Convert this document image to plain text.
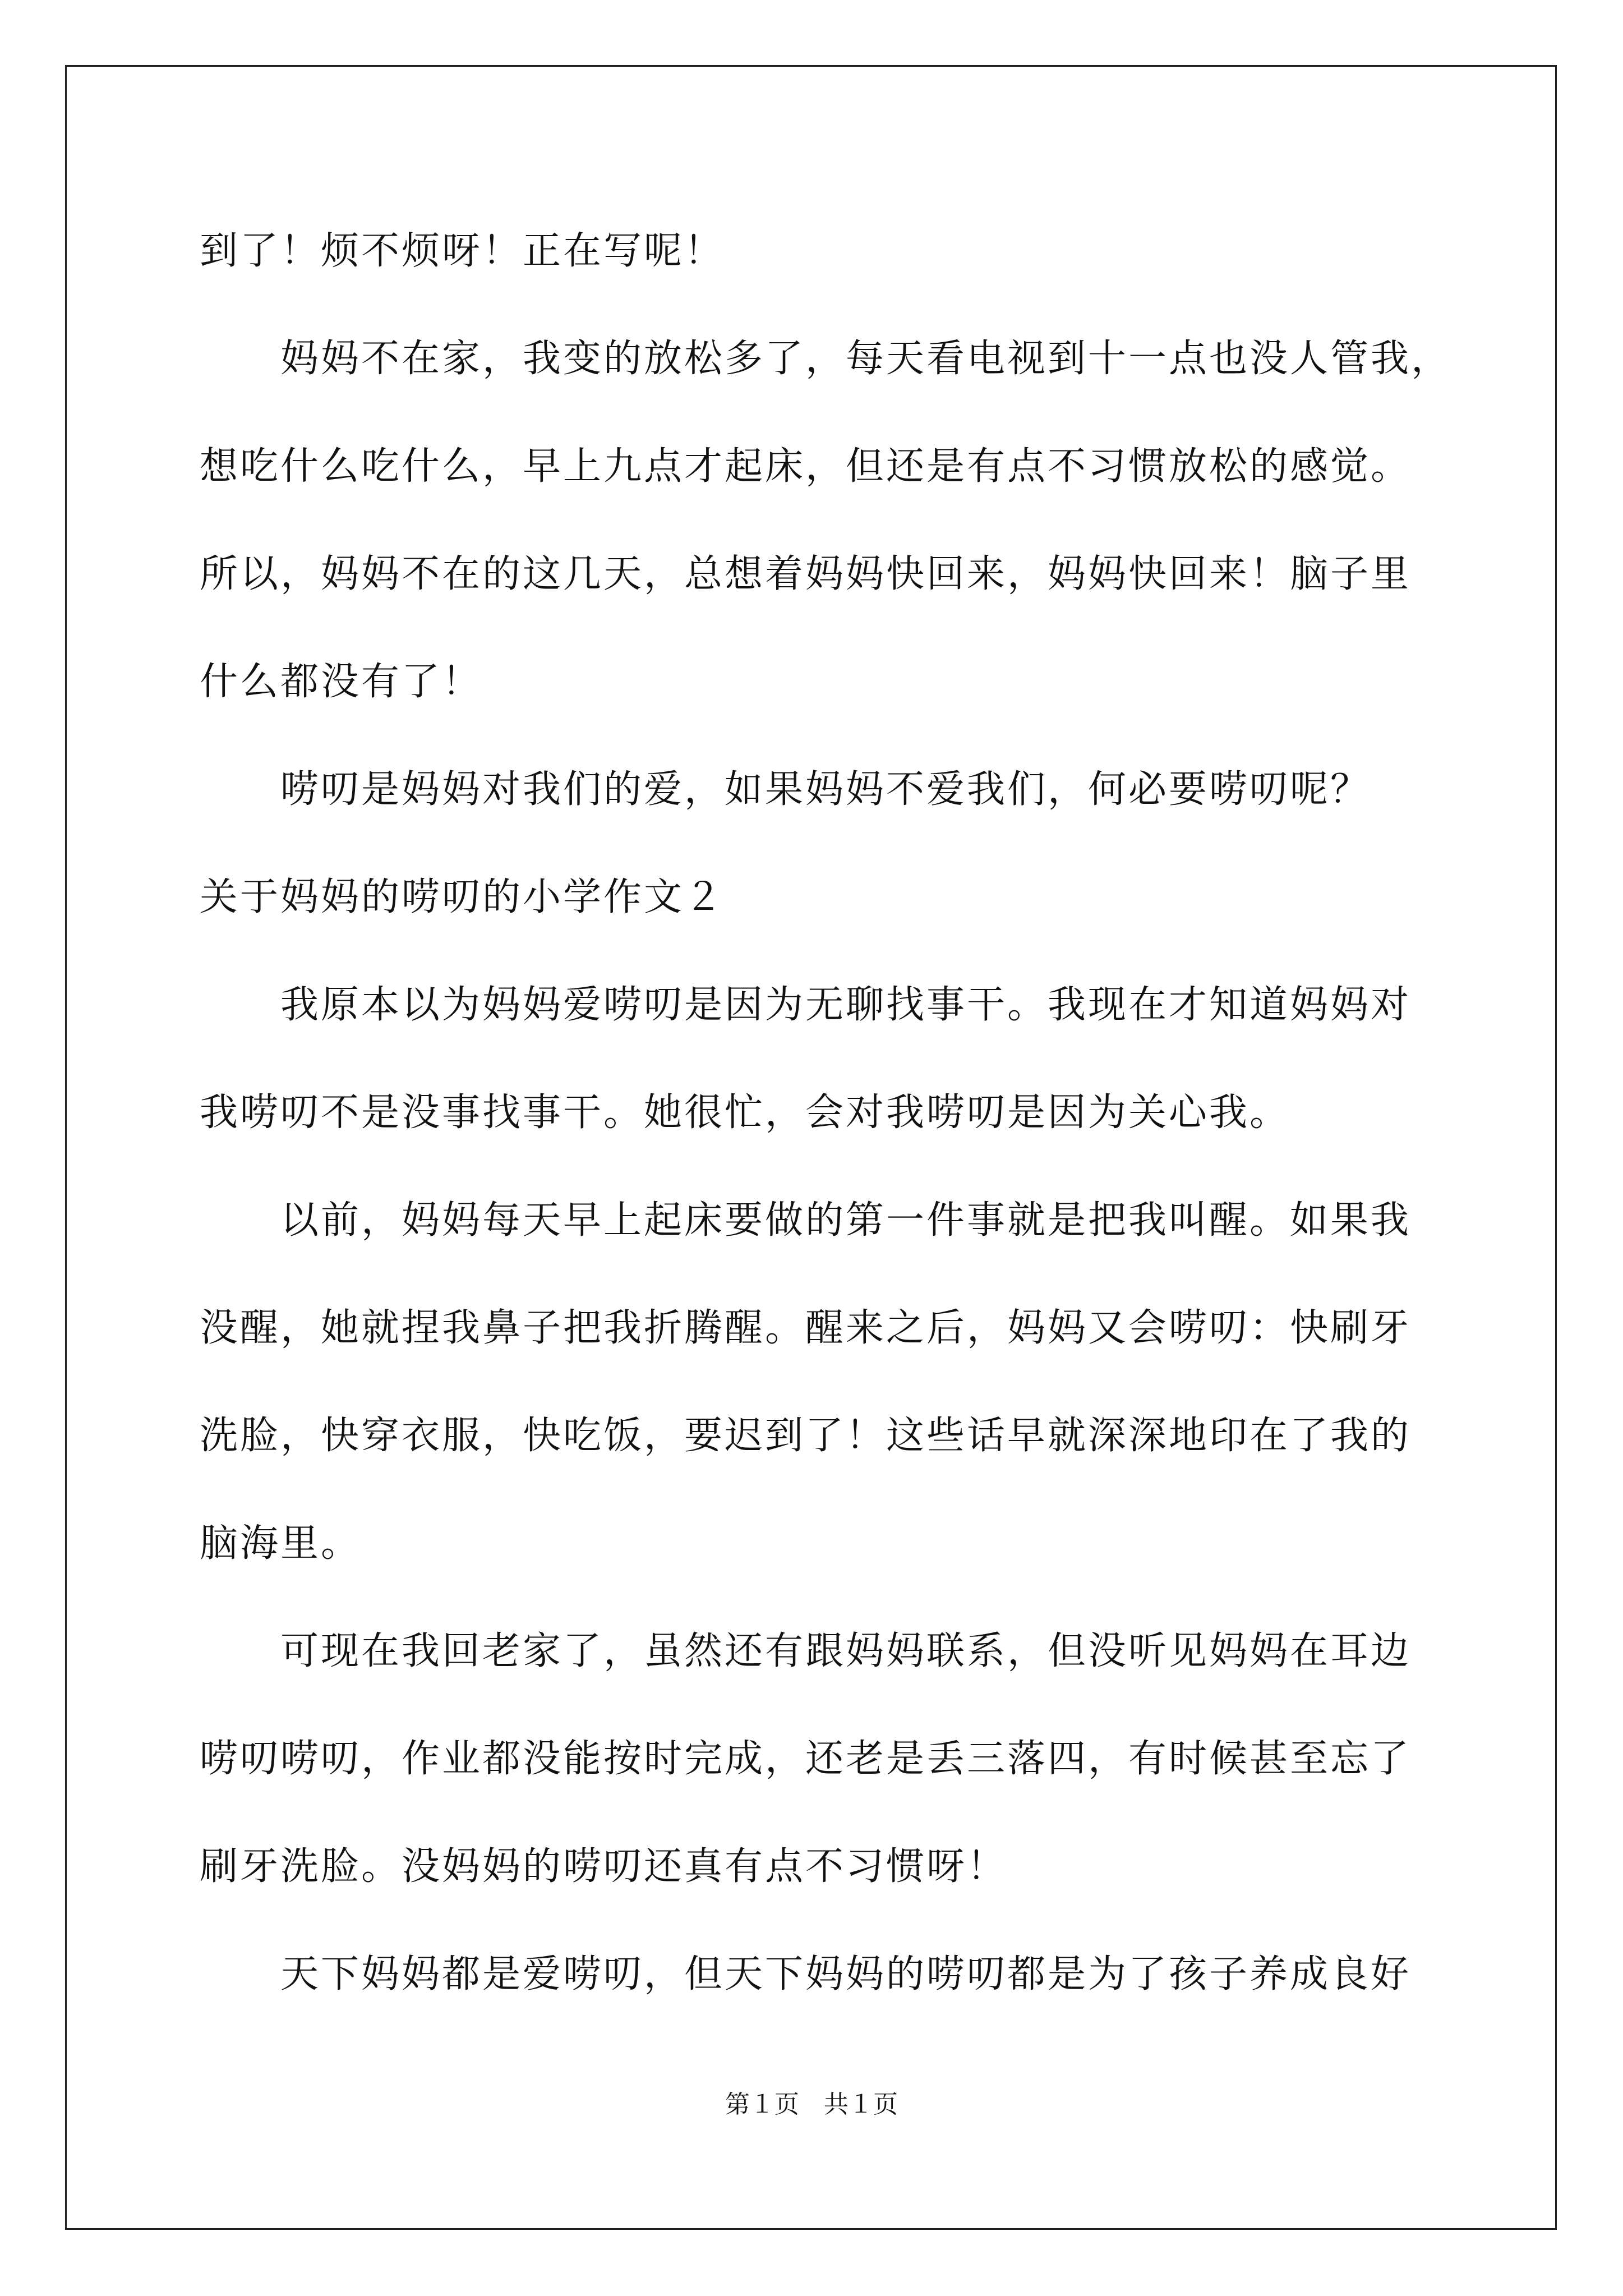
到了！烦不烦呀！正在写呢！
妈妈不在家，我变的放松多了，每天看电视到十一点也没人管我，
想吃什么吃什么，早上九点才起床，但还是有点不习惯放松的感觉。
所以，妈妈不在的这几天，总想着妈妈快回来，妈妈快回来！脑子里
什么都没有了！
唠叨是妈妈对我们的爱，如果妈妈不爱我们，何必要唠叨呢？
关于妈妈的唠叨的小学作文２
我原本以为妈妈爱唠叨是因为无聊找事干。我现在才知道妈妈对
我唠叨不是没事找事干。她很忙，会对我唠叨是因为关心我。
以前，妈妈每天早上起床要做的第一件事就是把我叫醒。如果我
没醒，她就捏我鼻子把我折腾醒。醒来之后，妈妈又会唠叨：快刷牙
洗脸，快穿衣服，快吃饭，要迟到了！这些话早就深深地印在了我的
脑海里。
可现在我回老家了，虽然还有跟妈妈联系，但没听见妈妈在耳边
唠叨唠叨，作业都没能按时完成，还老是丢三落四，有时候甚至忘了
刷牙洗脸。没妈妈的唠叨还真有点不习惯呀！
天下妈妈都是爱唠叨，但天下妈妈的唠叨都是为了孩子养成良好
第１页　共１页
